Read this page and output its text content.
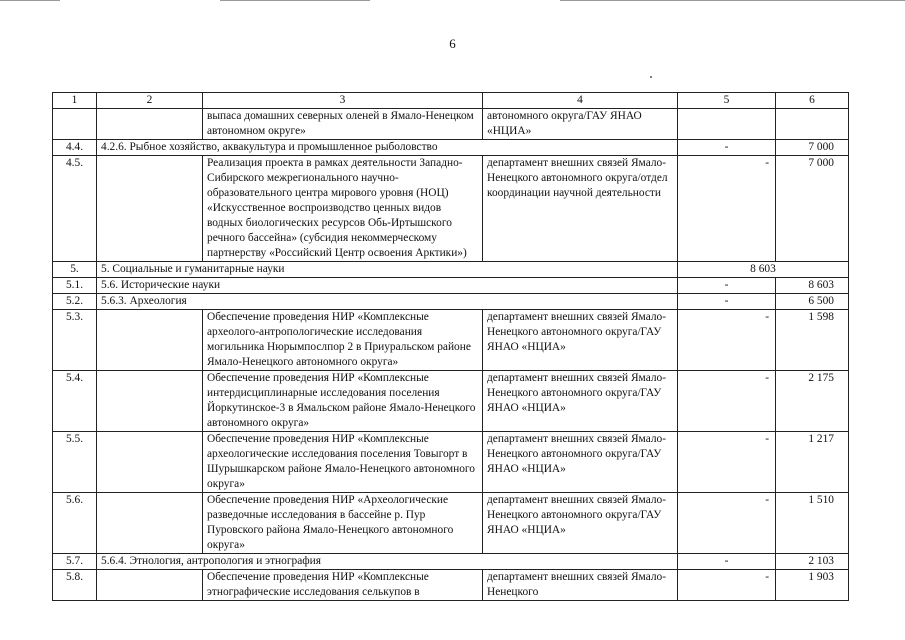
6
1	2	3	4	5	6
		выпаса домашних северных оленей в Ямало-Ненецком автономном округе»	автономного округа/ГАУ ЯНАО «НЦИА»		
4.4.	4.2.6. Рыбное хозяйство, аквакультура и промышленное рыболовство			-	7 000
4.5.		Реализация проекта в рамках деятельности Западно-Сибирского межрегионального научно-образовательного центра мирового уровня (НОЦ) «Искусственное воспроизводство ценных видов водных биологических ресурсов Обь-Иртышского речного бассейна» (субсидия некоммерческому партнерству «Российский Центр освоения Арктики»)	департамент внешних связей Ямало-Ненецкого автономного округа/отдел координации научной деятельности	-	7 000
5.	5. Социальные и гуманитарные науки			8 603	
5.1.	5.6. Исторические науки			-	8 603
5.2.	5.6.3. Археология			-	6 500
5.3.		Обеспечение проведения НИР «Комплексные археолого-антропологические исследования могильника Нюрымпослпор 2 в Приуральском районе Ямало-Ненецкого автономного округа»	департамент внешних связей Ямало-Ненецкого автономного округа/ГАУ ЯНАО «НЦИА»	-	1 598
5.4.		Обеспечение проведения НИР «Комплексные интердисциплинарные исследования поселения Йоркутинское-3 в Ямальском районе Ямало-Ненецкого автономного округа»	департамент внешних связей Ямало-Ненецкого автономного округа/ГАУ ЯНАО «НЦИА»	-	2 175
5.5.		Обеспечение проведения НИР «Комплексные археологические исследования поселения Товыгорт в Шурышкарском районе Ямало-Ненецкого автономного округа»	департамент внешних связей Ямало-Ненецкого автономного округа/ГАУ ЯНАО «НЦИА»	-	1 217
5.6.		Обеспечение проведения НИР «Археологические разведочные исследования в бассейне р. Пур Пуровского района Ямало-Ненецкого автономного округа»	департамент внешних связей Ямало-Ненецкого автономного округа/ГАУ ЯНАО «НЦИА»	-	1 510
5.7.	5.6.4. Этнология, антропология и этнография			-	2 103
5.8.		Обеспечение проведения НИР «Комплексные этнографические исследования селькупов в	департамент внешних связей Ямало-Ненецкого	-	1 903
